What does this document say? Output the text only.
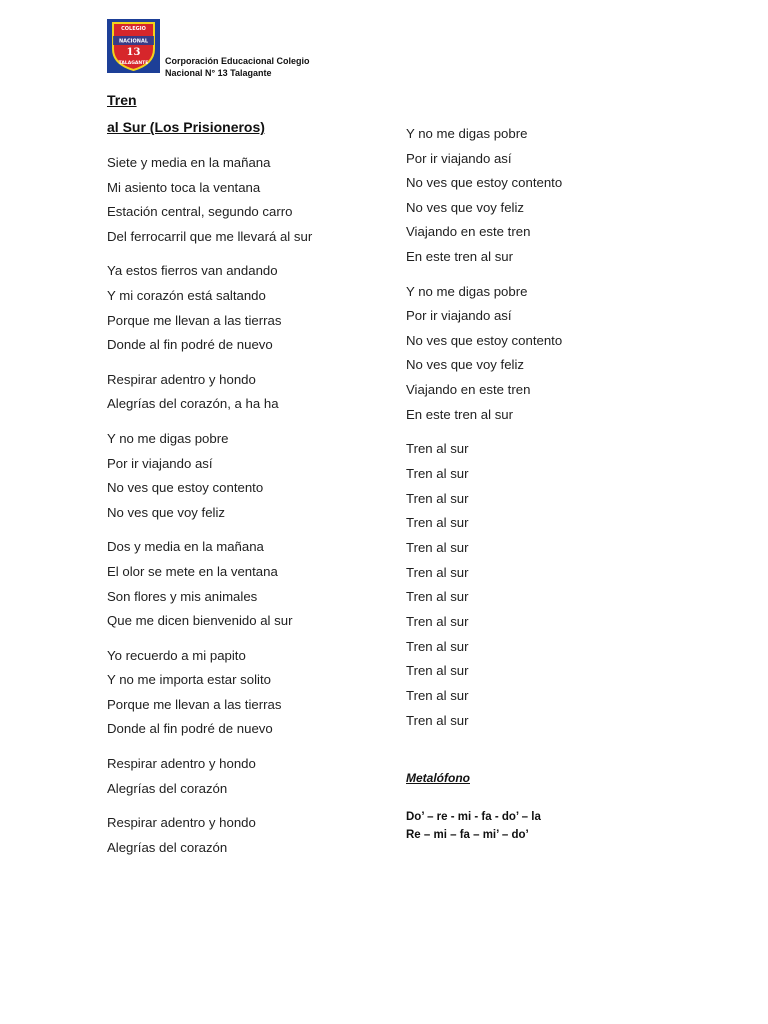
COLEGIO
NACIONAL
13
TALAGANTE Corporación Educacional Colegio
Nacional N° 13 Talagante
Tren
al Sur (Los Prisioneros)
Siete y media en la mañana
Mi asiento toca la ventana
Estación central, segundo carro
Del ferrocarril que me llevará al sur
Ya estos fierros van andando
Y mi corazón está saltando
Porque me llevan a las tierras
Donde al fin podré de nuevo
Respirar adentro y hondo
Alegrías del corazón, a ha ha
Y no me digas pobre
Por ir viajando así
No ves que estoy contento
No ves que voy feliz
Dos y media en la mañana
El olor se mete en la ventana
Son flores y mis animales
Que me dicen bienvenido al sur
Yo recuerdo a mi papito
Y no me importa estar solito
Porque me llevan a las tierras
Donde al fin podré de nuevo
Respirar adentro y hondo
Alegrías del corazón
Respirar adentro y hondo
Alegrías del corazón
Y no me digas pobre
Por ir viajando así
No ves que estoy contento
No ves que voy feliz
Viajando en este tren
En este tren al sur
Y no me digas pobre
Por ir viajando así
No ves que estoy contento
No ves que voy feliz
Viajando en este tren
En este tren al sur
Tren al sur
Tren al sur
Tren al sur
Tren al sur
Tren al sur
Tren al sur
Tren al sur
Tren al sur
Tren al sur
Tren al sur
Tren al sur
Tren al sur
Metalófono
Do’ – re - mi - fa - do’ – la
Re – mi – fa – mi’ – do’
